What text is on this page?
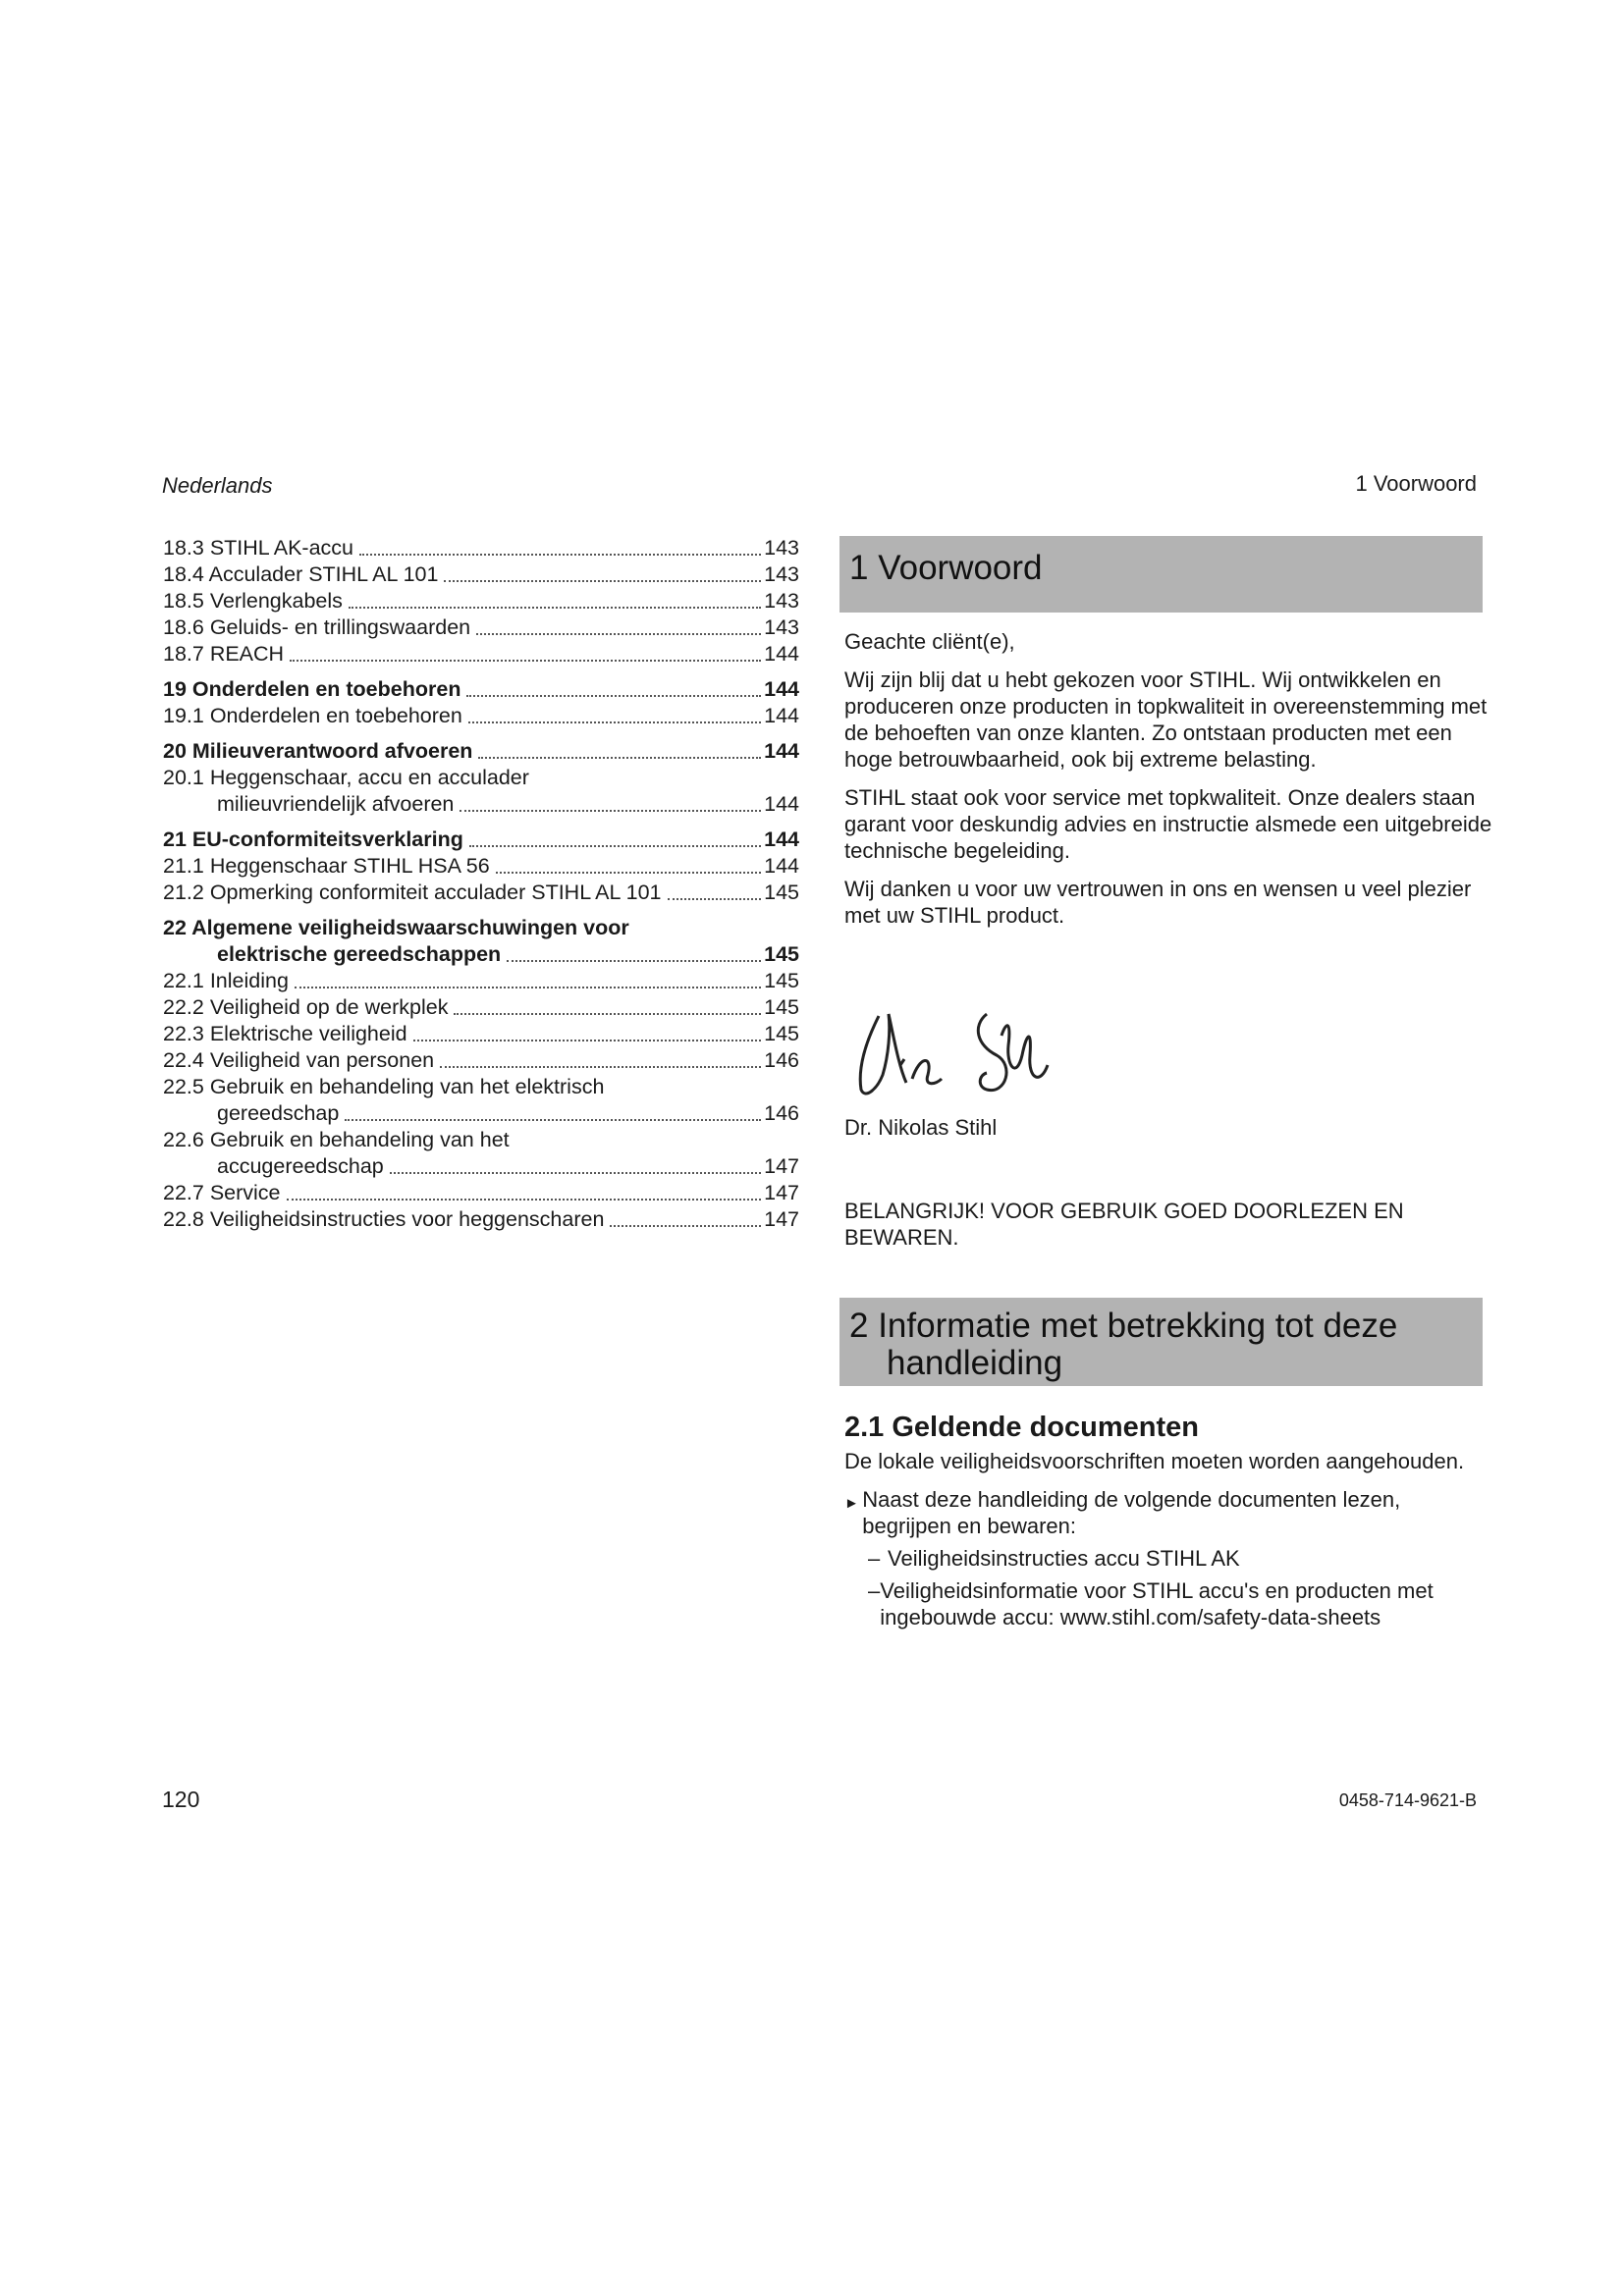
Nederlands	1 Voorwoord
18.3 STIHL AK-accu	143
18.4 Acculader STIHL AL 101	143
18.5 Verlengkabels	143
18.6 Geluids- en trillingswaarden	143
18.7 REACH	144
19 Onderdelen en toebehoren	144
19.1 Onderdelen en toebehoren	144
20 Milieuverantwoord afvoeren	144
20.1 Heggenschaar, accu en acculader
milieuvriendelijk afvoeren	144
21 EU-conformiteitsverklaring	144
21.1 Heggenschaar STIHL HSA 56	144
21.2 Opmerking conformiteit acculader STIHL AL 101	145
22 Algemene veiligheidswaarschuwingen voor
elektrische gereedschappen	145
22.1 Inleiding	145
22.2 Veiligheid op de werkplek	145
22.3 Elektrische veiligheid	145
22.4 Veiligheid van personen	146
22.5 Gebruik en behandeling van het elektrisch
gereedschap	146
22.6 Gebruik en behandeling van het
accugereedschap	147
22.7 Service	147
22.8 Veiligheidsinstructies voor heggenscharen	147
1 Voorwoord

Geachte cliënt(e),

Wij zijn blij dat u hebt gekozen voor STIHL. Wij ontwikkelen en produceren onze producten in topkwaliteit in overeenstemming met de behoeften van onze klanten. Zo ontstaan producten met een hoge betrouwbaarheid, ook bij extreme belasting.

STIHL staat ook voor service met topkwaliteit. Onze dealers staan garant voor deskundig advies en instructie alsmede een uitgebreide technische begeleiding.

Wij danken u voor uw vertrouwen in ons en wensen u veel plezier met uw STIHL product.

Dr. Nikolas Stihl
BELANGRIJK! VOOR GEBRUIK GOED DOORLEZEN EN BEWAREN.
2 Informatie met betrekking tot deze
handleiding
2.1 Geldende documenten

De lokale veiligheidsvoorschriften moeten worden aangehouden.

► Naast deze handleiding de volgende documenten lezen, begrijpen en bewaren:
– Veiligheidsinstructies accu STIHL AK
– Veiligheidsinformatie voor STIHL accu's en producten met ingebouwde accu: www.stihl.com/safety-data-sheets
120	0458-714-9621-B
